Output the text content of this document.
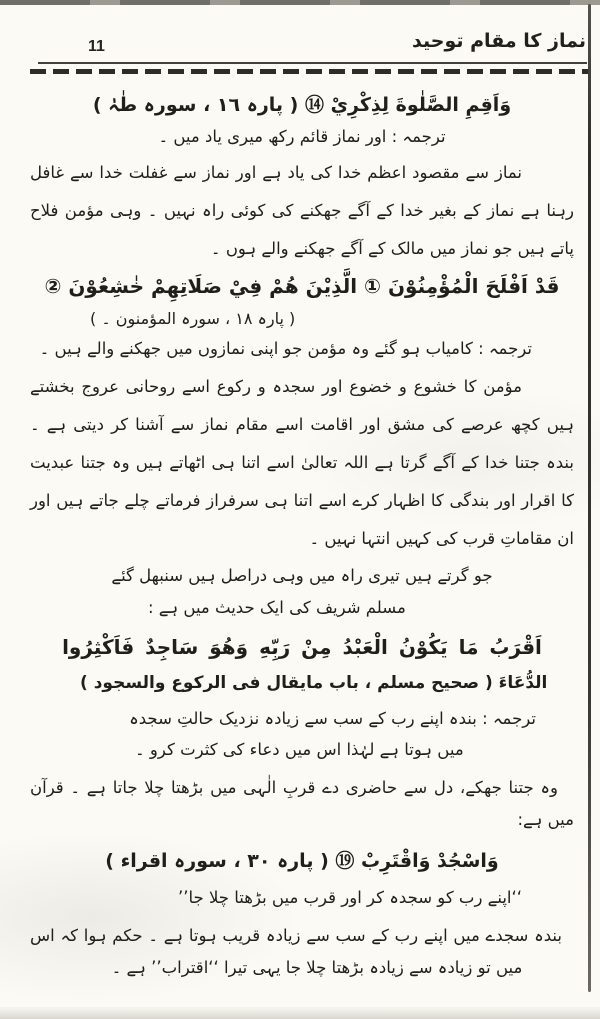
11	نماز کا مقام توحید
وَاَقِمِ الصَّلٰوةَ لِذِكْرِيْ ⑭ ( پارہ ١٦ ، سورہ طٰہٰ )
ترجمہ : اور نماز قائم رکھ میری یاد میں ۔
نماز سے مقصود اعظم خدا کی یاد ہے اور نماز سے غفلت خدا سے غافل رہنا ہے نماز کے بغیر خدا کے آگے جھکنے کی کوئی راہ نہیں ۔ وہی مؤمن فلاح پاتے ہیں جو نماز میں مالک کے آگے جھکنے والے ہوں ۔
قَدْ اَفْلَحَ الْمُؤْمِنُوْنَ ① الَّذِيْنَ هُمْ فِيْ صَلَاتِهِمْ خٰشِعُوْنَ ②
( پارہ ١٨ ، سورہ المؤمنون ۔ )
ترجمہ : کامیاب ہو گئے وہ مؤمن جو اپنی نمازوں میں جھکنے والے ہیں ۔
مؤمن کا خشوع و خضوع اور سجدہ و رکوع اسے روحانی عروج بخشتے ہیں کچھ عرصے کی مشق اور اقامت اسے مقام نماز سے آشنا کر دیتی ہے ۔ بندہ جتنا خدا کے آگے گرتا ہے اللہ تعالیٰ اسے اتنا ہی اٹھاتے ہیں وہ جتنا عبدیت کا اقرار اور بندگی کا اظہار کرے اسے اتنا ہی سرفراز فرماتے چلے جاتے ہیں اور ان مقاماتِ قرب کی کہیں انتہا نہیں ۔
جو گرتے ہیں تیری راہ میں وہی دراصل ہیں سنبھل گئے
مسلم شریف کی ایک حدیث میں ہے :
اَقْرَبُ مَا يَكُوْنُ الْعَبْدُ مِنْ رَبِّهِ وَهُوَ سَاجِدٌ فَاَكْثِرُوا
الدُّعَاءَ ( صحیح مسلم ، باب مایقال فی الرکوع والسجود )
ترجمہ : بندہ اپنے رب کے سب سے زیادہ نزدیک حالتِ سجدہ
میں ہوتا ہے لہٰذا اس میں دعاء کی کثرت کرو ۔
وہ جتنا جھکے، دل سے حاضری دے قربِ الٰہی میں بڑھتا چلا جاتا ہے ۔ قرآن
میں ہے:
وَاسْجُدْ وَاقْتَرِبْ ⑲ ( پارہ ٣٠ ، سورہ اقراء )
‘‘اپنے رب کو سجدہ کر اور قرب میں بڑھتا چلا جا’’
بندہ سجدے میں اپنے رب کے سب سے زیادہ قریب ہوتا ہے ۔ حکم ہوا کہ اس
میں تو زیادہ سے زیادہ بڑھتا چلا جا یہی تیرا ‘‘اقتراب’’ ہے ۔
